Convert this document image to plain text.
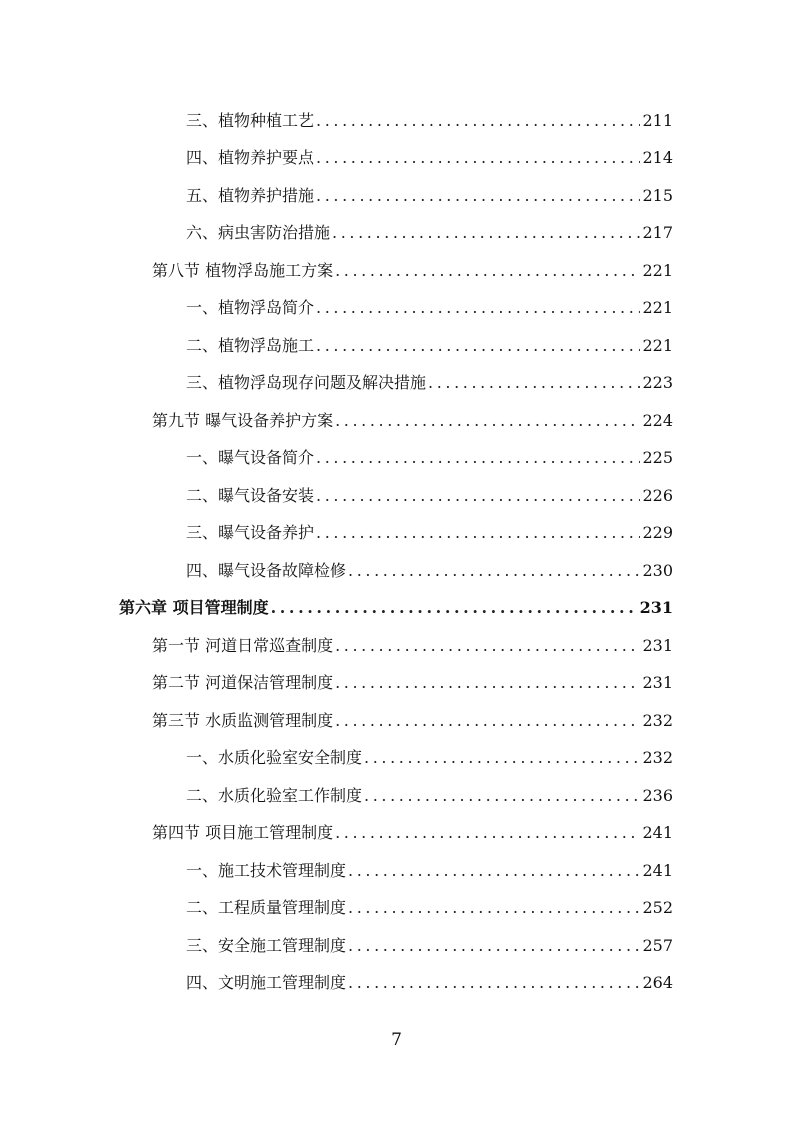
三、植物种植工艺 .....	211
四、植物养护要点 .....	214
五、植物养护措施 .....	215
六、病虫害防治措施 .....	217
第八节 植物浮岛施工方案 .....	221
一、植物浮岛简介 .....	221
二、植物浮岛施工 .....	221
三、植物浮岛现存问题及解决措施 .....	223
第九节 曝气设备养护方案 .....	224
一、曝气设备简介 .....	225
二、曝气设备安装 .....	226
三、曝气设备养护 .....	229
四、曝气设备故障检修 .....	230
第六章 项目管理制度 .....	231
第一节 河道日常巡查制度 .....	231
第二节 河道保洁管理制度 .....	231
第三节 水质监测管理制度 .....	232
一、水质化验室安全制度 .....	232
二、水质化验室工作制度 .....	236
第四节 项目施工管理制度 .....	241
一、施工技术管理制度 .....	241
二、工程质量管理制度 .....	252
三、安全施工管理制度 .....	257
四、文明施工管理制度 .....	264
7
